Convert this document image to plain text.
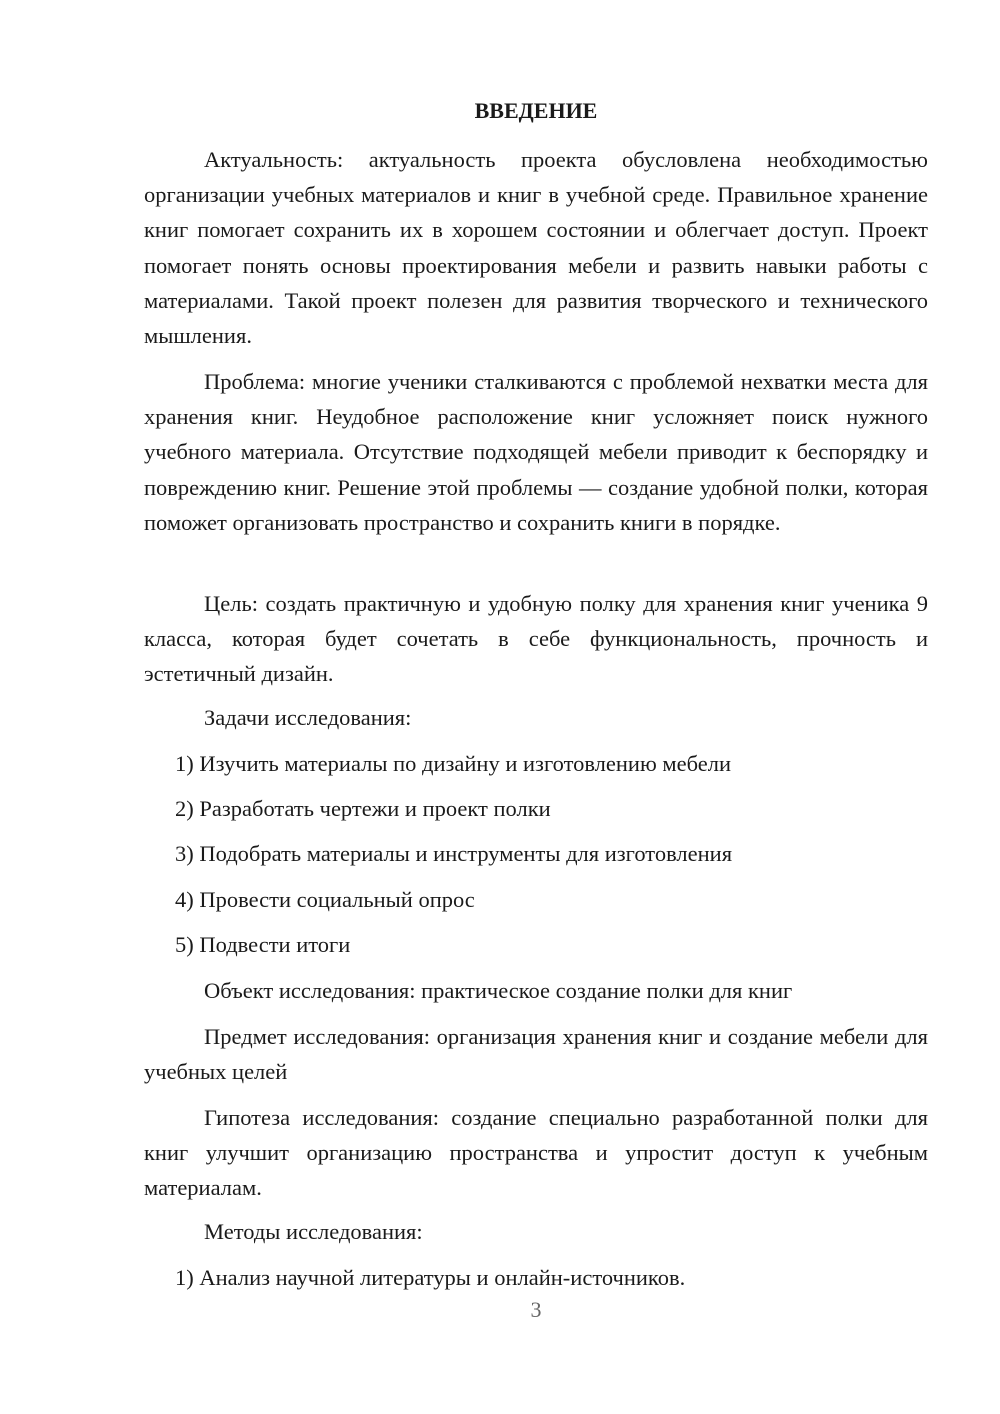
ВВЕДЕНИЕ

Актуальность: актуальность проекта обусловлена необходимостью организации учебных материалов и книг в учебной среде. Правильное хранение книг помогает сохранить их в хорошем состоянии и облегчает доступ. Проект помогает понять основы проектирования мебели и развить навыки работы с материалами. Такой проект полезен для развития творческого и технического мышления.

Проблема: многие ученики сталкиваются с проблемой нехватки места для хранения книг. Неудобное расположение книг усложняет поиск нужного учебного материала. Отсутствие подходящей мебели приводит к беспорядку и повреждению книг. Решение этой проблемы — создание удобной полки, которая поможет организовать пространство и сохранить книги в порядке.

Цель: создать практичную и удобную полку для хранения книг ученика 9 класса, которая будет сочетать в себе функциональность, прочность и эстетичный дизайн.

Задачи исследования:

1) Изучить материалы по дизайну и изготовлению мебели

2) Разработать чертежи и проект полки

3) Подобрать материалы и инструменты для изготовления

4) Провести социальный опрос

5) Подвести итоги

Объект исследования: практическое создание полки для книг

Предмет исследования: организация хранения книг и создание мебели для учебных целей

Гипотеза исследования: создание специально разработанной полки для книг улучшит организацию пространства и упростит доступ к учебным материалам.

Методы исследования:

1) Анализ научной литературы и онлайн-источников.

3
